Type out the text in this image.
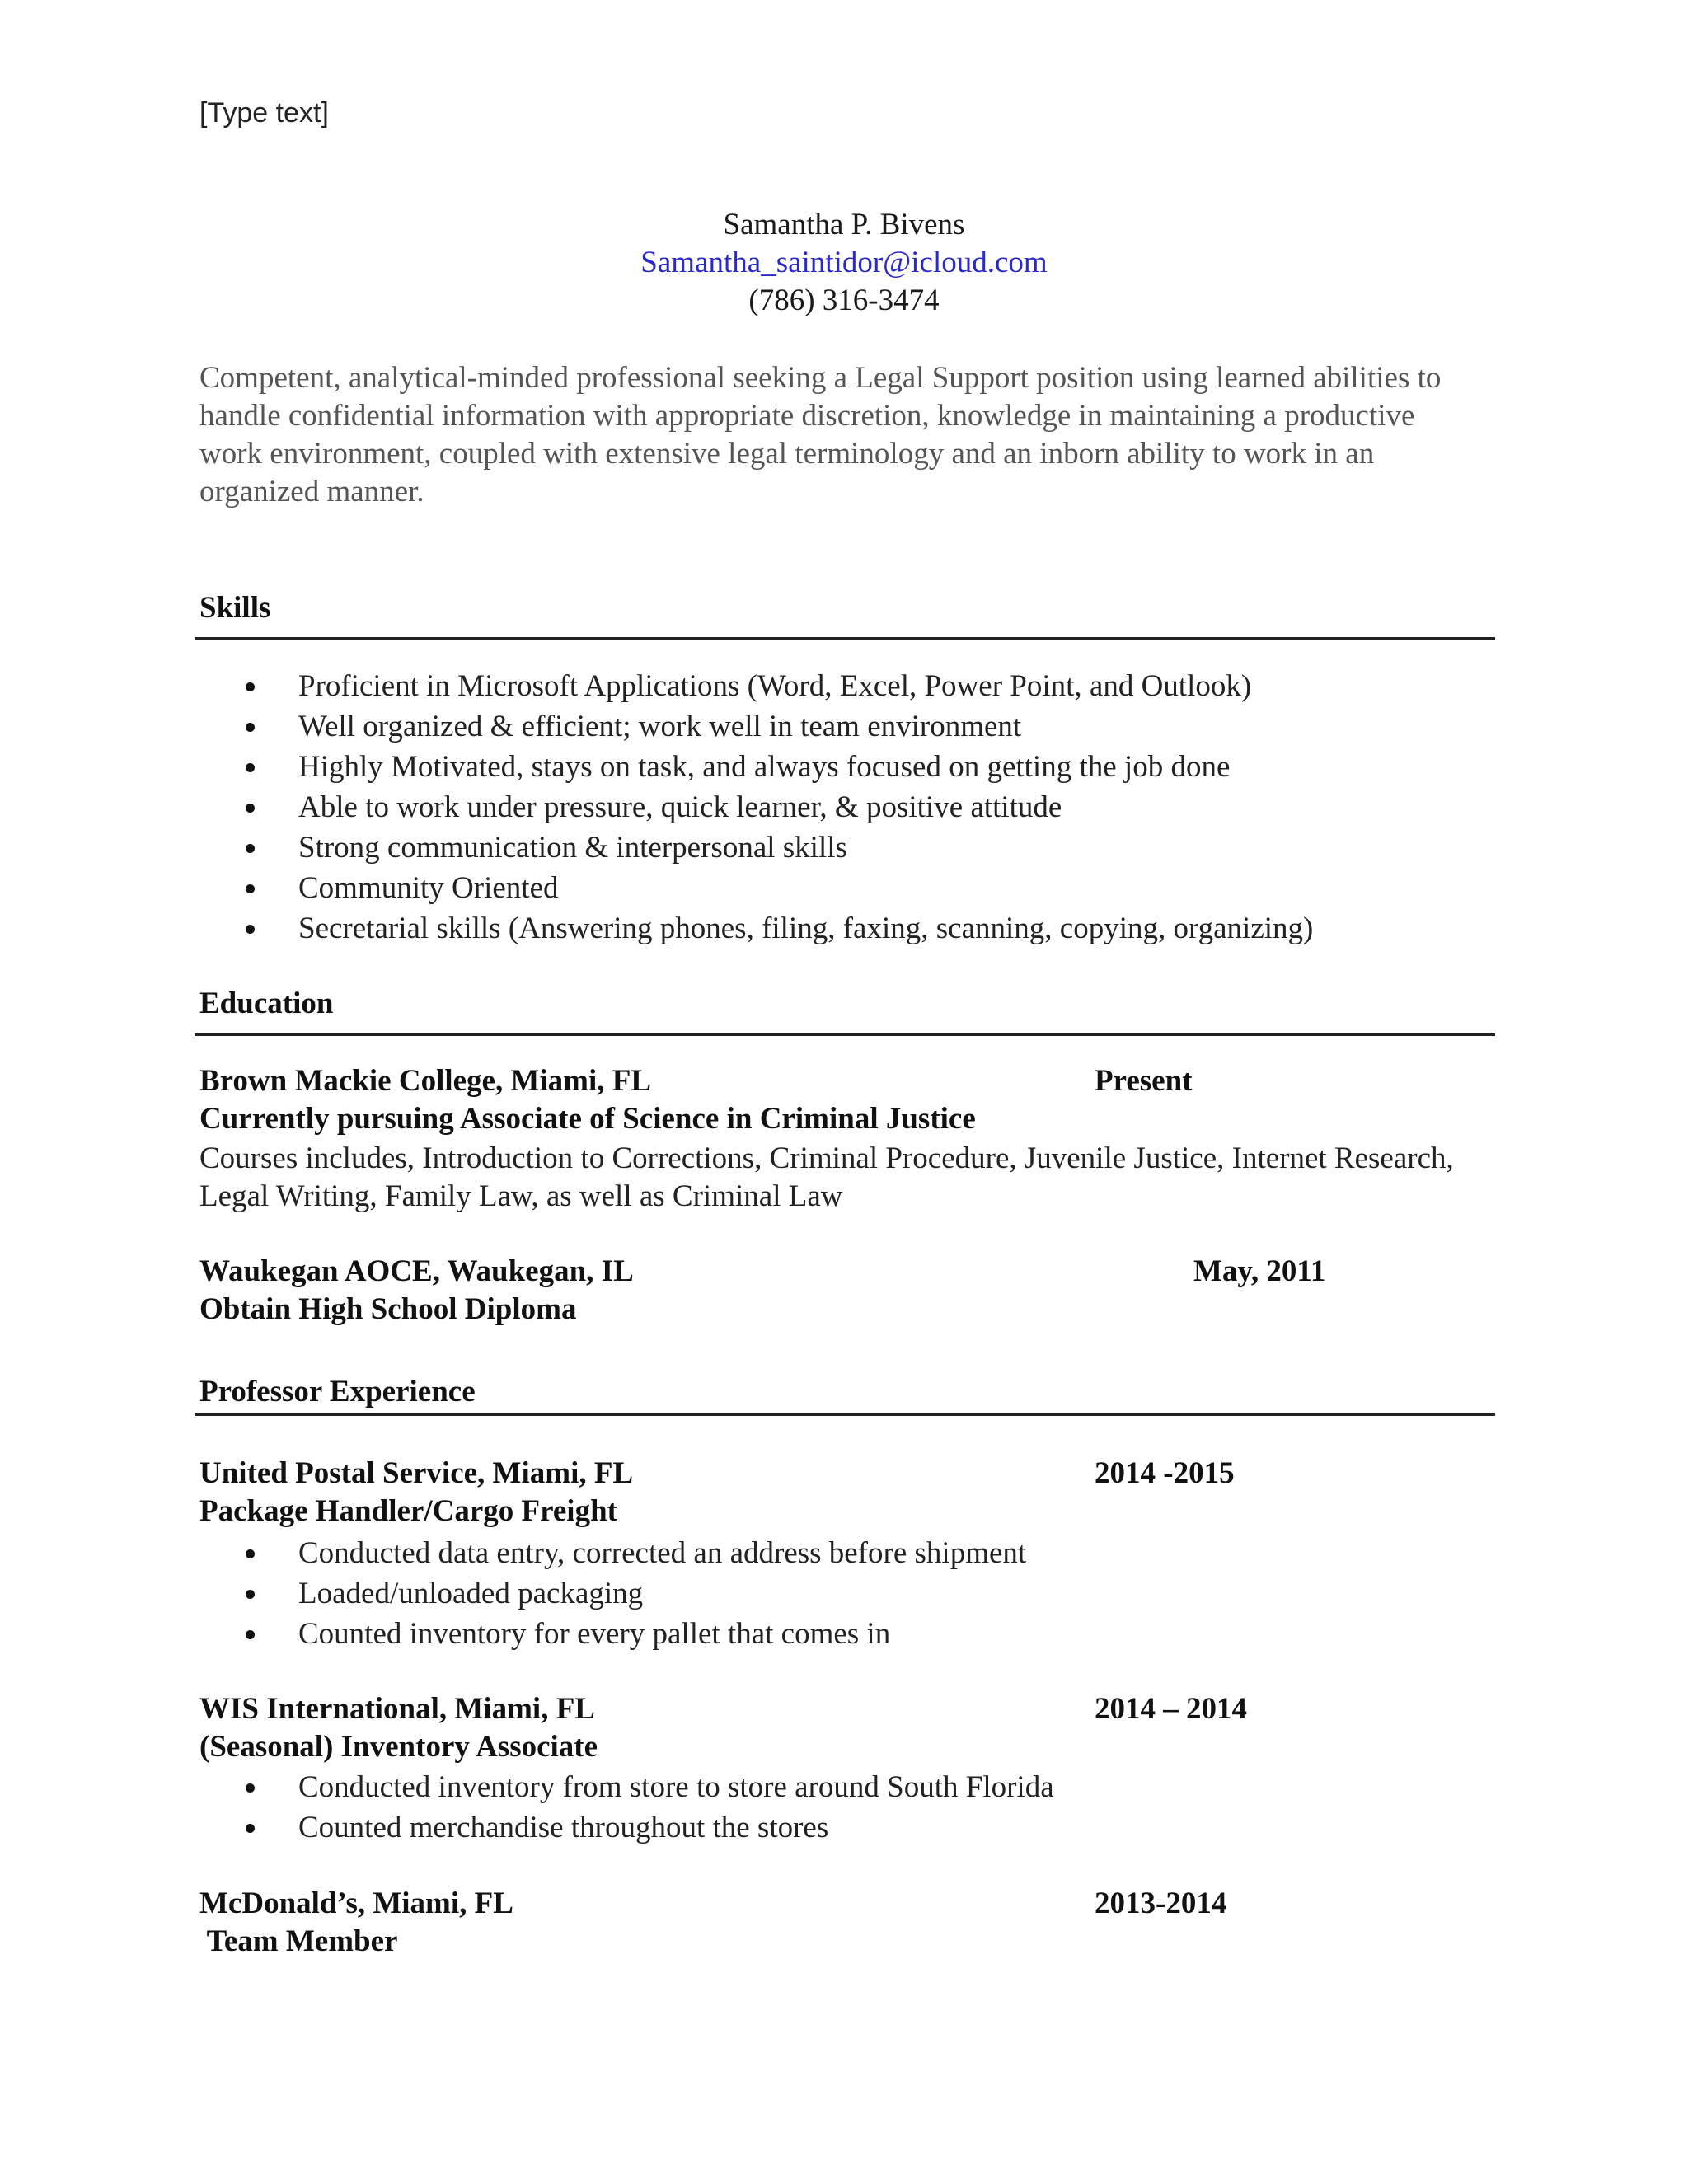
[Type text]
Samantha P. Bivens
Samantha_saintidor@icloud.com
(786) 316-3474
Competent, analytical-minded professional seeking a Legal Support position using learned abilities to handle confidential information with appropriate discretion, knowledge in maintaining a productive work environment, coupled with extensive legal terminology and an inborn ability to work in an organized manner.
Skills
Proficient in Microsoft Applications (Word, Excel, Power Point, and Outlook)
Well organized & efficient; work well in team environment
Highly Motivated, stays on task, and always focused on getting the job done
Able to work under pressure, quick learner, & positive attitude
Strong communication & interpersonal skills
Community Oriented
Secretarial skills (Answering phones, filing, faxing, scanning, copying, organizing)
Education
Brown Mackie College, Miami, FL	Present
Currently pursuing Associate of Science in Criminal Justice
Courses includes, Introduction to Corrections, Criminal Procedure, Juvenile Justice, Internet Research, Legal Writing, Family Law, as well as Criminal Law
Waukegan AOCE, Waukegan, IL	May, 2011
Obtain High School Diploma
Professor Experience
United Postal Service, Miami, FL	2014 -2015
Package Handler/Cargo Freight
Conducted data entry, corrected an address before shipment
Loaded/unloaded packaging
Counted inventory for every pallet that comes in
WIS International, Miami, FL	2014 – 2014
(Seasonal) Inventory Associate
Conducted inventory from store to store around South Florida
Counted merchandise throughout the stores
McDonald’s, Miami, FL	2013-2014
Team Member
